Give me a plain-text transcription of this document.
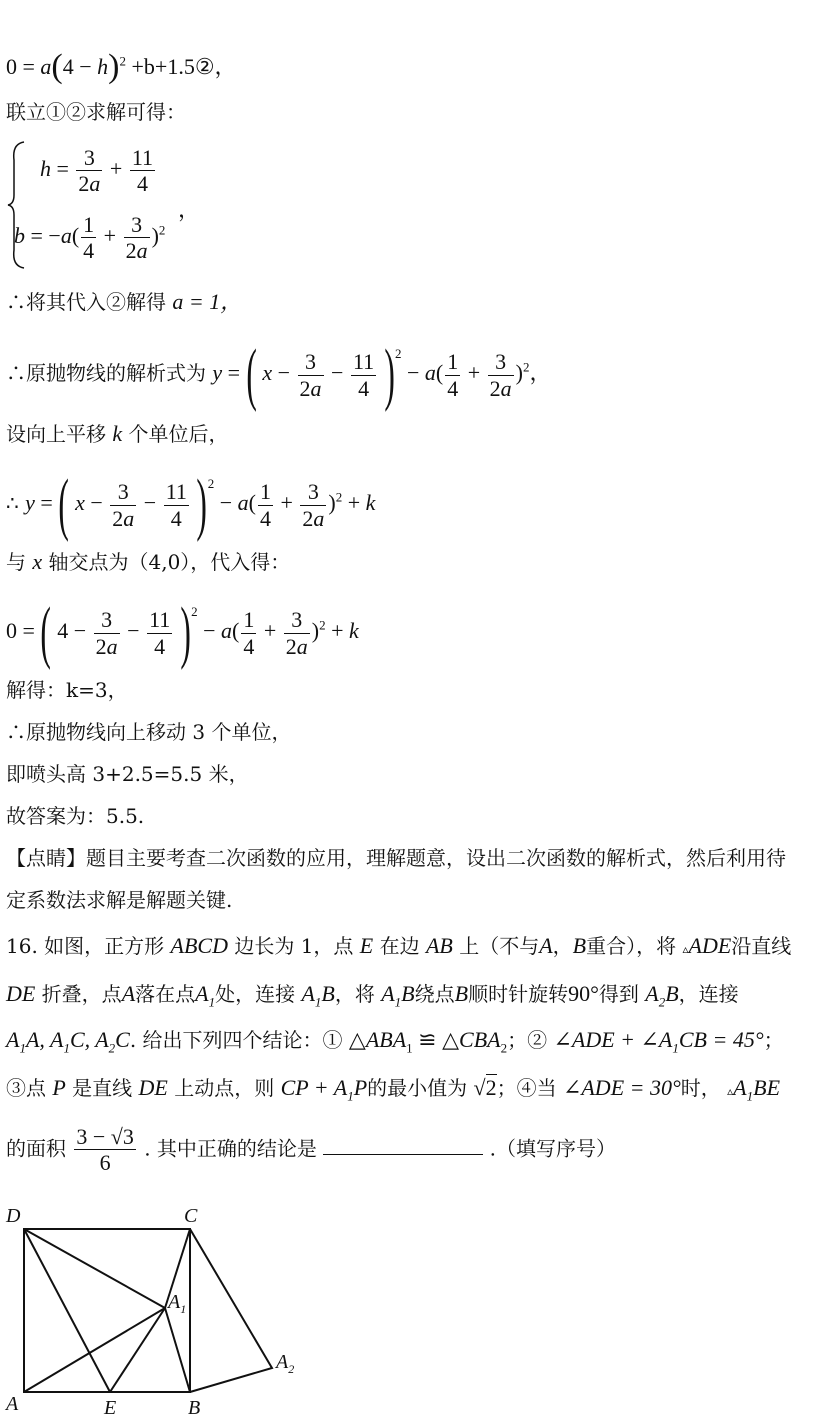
$0 = a(4 - h)^2$ +b+1.5②，
联立①②求解可得：
$h = \frac{3}{2a} + \frac{11}{4}$
$b = -a( \frac{1}{4} + \frac{3}{2a} )^2$
，
∴将其代入②解得 a = 1，
∴原抛物线的解析式为 y = ( $x - \frac{3}{2a} - \frac{11}{4} )^2 - a( \frac{1}{4} + \frac{3}{2a} )^2$，
设向上平移 k 个单位后，
∴ y = ( $x - \frac{3}{2a} - \frac{11}{4} )^2 - a( \frac{1}{4} + \frac{3}{2a} )^2 + k$
与 x 轴交点为（4,0），代入得：
0 = ( $4 - \frac{3}{2a} - \frac{11}{4} )^2 - a( \frac{1}{4} + \frac{3}{2a} )^2 + k$
解得：k=3，
∴原抛物线向上移动 3 个单位，
即喷头高 3+2.5=5.5 米，
故答案为：5.5.
【点睛】题目主要考查二次函数的应用，理解题意，设出二次函数的解析式，然后利用待
定系数法求解是解题关键.
16. 如图，正方形 ABCD 边长为 1，点 E 在边 AB 上（不与A，B重合），将 ▵ADE沿直线
DE 折叠，点A落在点$A_1$处，连接 $A_1B$，将 $A_1B$绕点B顺时针旋转90°得到 $A_2B$，连接
$A_1A$, $A_1C$, $A_2C$. 给出下列四个结论：① $\triangle ABA_1$ ≌ $\triangle CBA_2$；② ∠ADE + $\angle A_1CB = 45^\circ$；
③点 P 是直线 DE 上动点，则 CP + $A_1P$的最小值为 √2；④当 ∠ADE = 30°时， $▵A_1BE$
的面积 $\frac{3 - √3}{6}$ . 其中正确的结论是	.（填写序号）
D	C
$A_1$
$A_2$
A	E	B
